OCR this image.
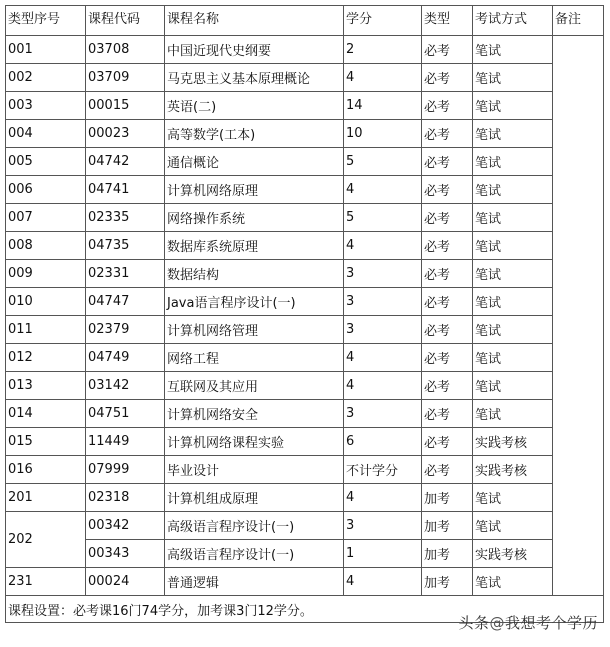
类型序号	课程代码	课程名称	学分	类型	考试方式	备注
001	03708	中国近现代史纲要	2	必考	笔试	
002	03709	马克思主义基本原理概论	4	必考	笔试	
003	00015	英语(二)	14	必考	笔试	
004	00023	高等数学(工本)	10	必考	笔试	
005	04742	通信概论	5	必考	笔试	
006	04741	计算机网络原理	4	必考	笔试	
007	02335	网络操作系统	5	必考	笔试	
008	04735	数据库系统原理	4	必考	笔试	
009	02331	数据结构	3	必考	笔试	
010	04747	Java语言程序设计(一)	3	必考	笔试	
011	02379	计算机网络管理	3	必考	笔试	
012	04749	网络工程	4	必考	笔试	
013	03142	互联网及其应用	4	必考	笔试	
014	04751	计算机网络安全	3	必考	笔试	
015	11449	计算机网络课程实验	6	必考	实践考核	
016	07999	毕业设计	不计学分	必考	实践考核	
201	02318	计算机组成原理	4	加考	笔试	
202	00342	高级语言程序设计(一)	3	加考	笔试	
	00343	高级语言程序设计(一)	1	加考	实践考核	
231	00024	普通逻辑	4	加考	笔试	
课程设置：必考课16门74学分，加考课3门12学分。						
头条@我想考个学历
